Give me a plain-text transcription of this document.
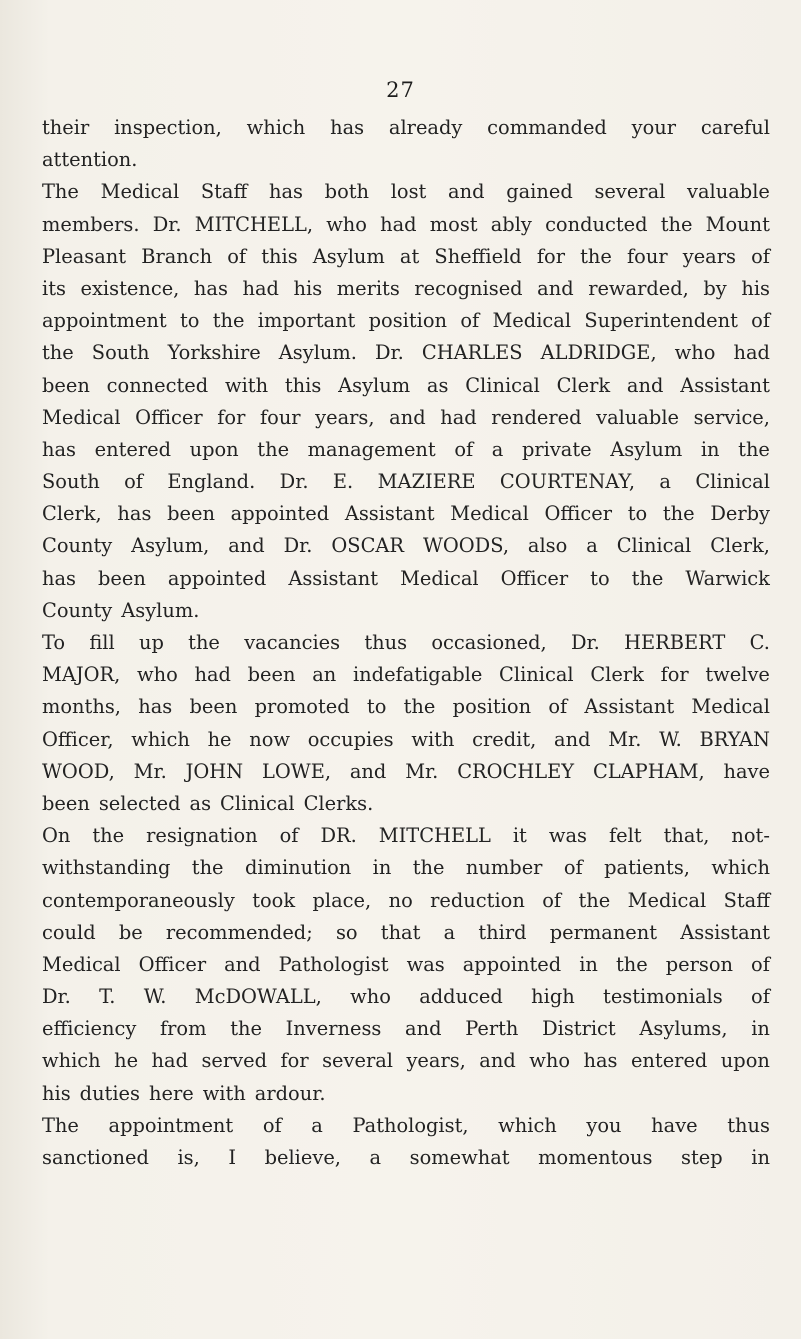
27
their inspection, which has already commanded your careful
attention.
The Medical Staff has both lost and gained several valuable
members. Dr. MITCHELL, who had most ably conducted the Mount
Pleasant Branch of this Asylum at Sheffield for the four years of
its existence, has had his merits recognised and rewarded, by his
appointment to the important position of Medical Superintendent of
the South Yorkshire Asylum. Dr. CHARLES ALDRIDGE, who had
been connected with this Asylum as Clinical Clerk and Assistant
Medical Officer for four years, and had rendered valuable service,
has entered upon the management of a private Asylum in the
South of England. Dr. E. MAZIERE COURTENAY, a Clinical
Clerk, has been appointed Assistant Medical Officer to the Derby
County Asylum, and Dr. OSCAR WOODS, also a Clinical Clerk,
has been appointed Assistant Medical Officer to the Warwick
County Asylum.
To fill up the vacancies thus occasioned, Dr. HERBERT C.
MAJOR, who had been an indefatigable Clinical Clerk for twelve
months, has been promoted to the position of Assistant Medical
Officer, which he now occupies with credit, and Mr. W. BRYAN
WOOD, Mr. JOHN LOWE, and Mr. CROCHLEY CLAPHAM, have
been selected as Clinical Clerks.
On the resignation of DR. MITCHELL it was felt that, not-
withstanding the diminution in the number of patients, which
contemporaneously took place, no reduction of the Medical Staff
could be recommended; so that a third permanent Assistant
Medical Officer and Pathologist was appointed in the person of
Dr. T. W. McDOWALL, who adduced high testimonials of
efficiency from the Inverness and Perth District Asylums, in
which he had served for several years, and who has entered upon
his duties here with ardour.
The appointment of a Pathologist, which you have thus
sanctioned is, I believe, a somewhat momentous step in
